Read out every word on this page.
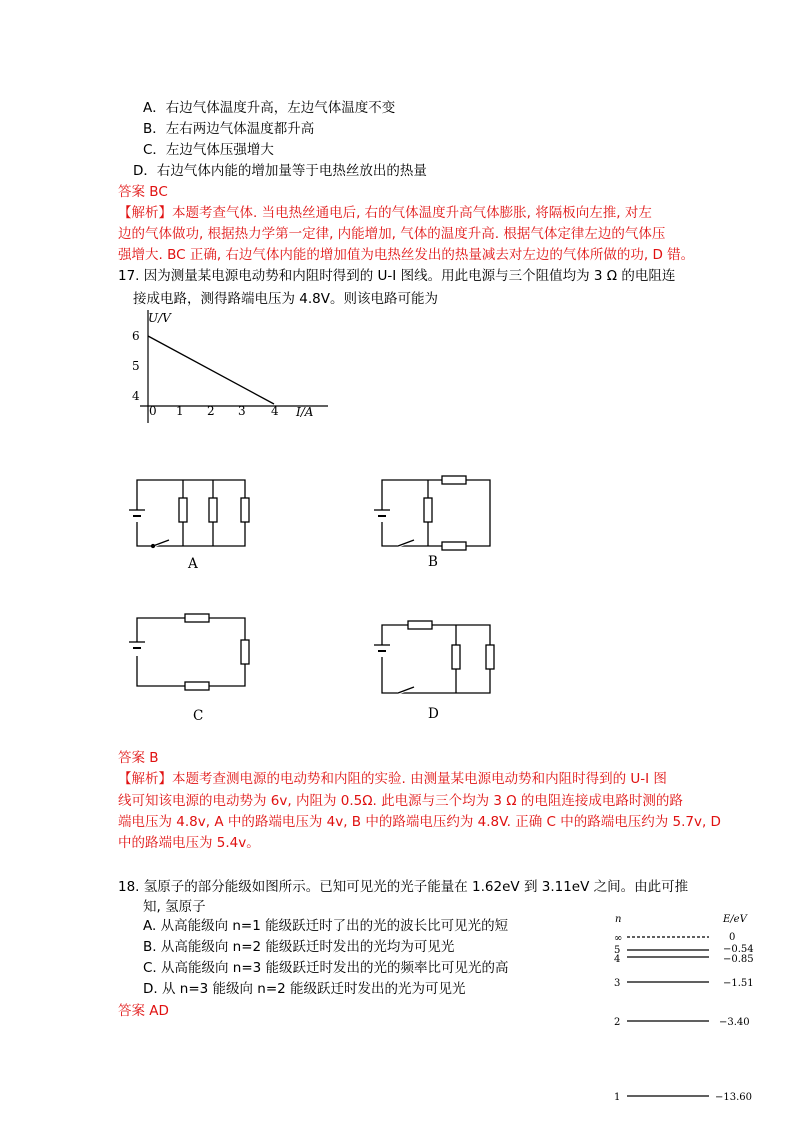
A．右边气体温度升高，左边气体温度不变
B．左右两边气体温度都升高
C．左边气体压强增大
D．右边气体内能的增加量等于电热丝放出的热量
答案 BC
【解析】本题考查气体. 当电热丝通电后, 右的气体温度升高气体膨胀, 将隔板向左推, 对左
边的气体做功, 根据热力学第一定律, 内能增加, 气体的温度升高. 根据气体定律左边的气体压
强增大. BC 正确, 右边气体内能的增加值为电热丝发出的热量减去对左边的气体所做的功, D 错。
17. 因为测量某电源电动势和内阻时得到的 U-I 图线。用此电源与三个阻值均为 3 Ω 的电阻连
接成电路，测得路端电压为 4.8V。则该电路可能为
U/V
I/A
6
5
4
0 1 2 3 4
A	B
C	D
答案 B
【解析】本题考查测电源的电动势和内阻的实验. 由测量某电源电动势和内阻时得到的 U-I 图
线可知该电源的电动势为 6v, 内阻为 0.5Ω. 此电源与三个均为 3 Ω 的电阻连接成电路时测的路
端电压为 4.8v, A 中的路端电压为 4v, B 中的路端电压约为 4.8V. 正确 C 中的路端电压约为 5.7v, D
中的路端电压为 5.4v。
18. 氢原子的部分能级如图所示。已知可见光的光子能量在 1.62eV 到 3.11eV 之间。由此可推
知, 氢原子
A. 从高能级向 n=1 能级跃迁时了出的光的波长比可见光的短
B. 从高能级向 n=2 能级跃迁时发出的光均为可见光
C. 从高能级向 n=3 能级跃迁时发出的光的频率比可见光的高
D. 从 n=3 能级向 n=2 能级跃迁时发出的光为可见光
答案 AD
n	E/eV
∞	0
5	−0.54
4	−0.85
3	−1.51
2	−3.40
1	−13.60
